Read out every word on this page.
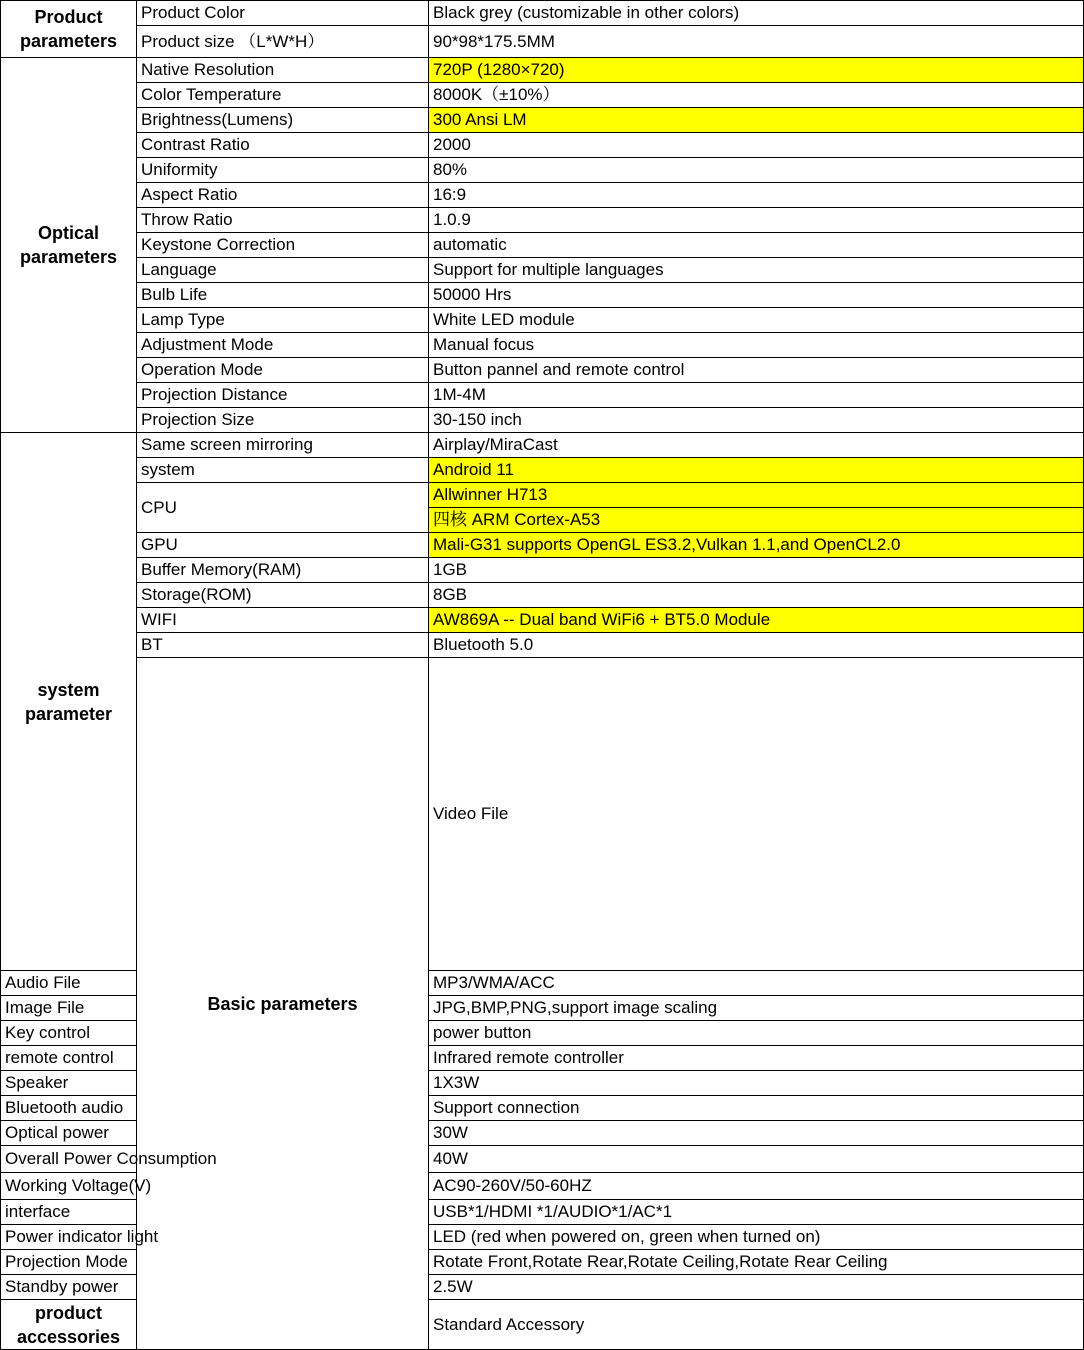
Product parameters	Product Color	Black grey (customizable in other colors)	
	Product size （L*W*H）	90*98*175.5MM	
Optical parameters	Native Resolution	720P (1280×720)	
	Color Temperature	8000K（±10%）	
	Brightness(Lumens)	300 Ansi LM	
	Contrast Ratio	2000	
	Uniformity	80%	
	Aspect Ratio	16:9	
	Throw Ratio	1.0.9	
	Keystone Correction	automatic	
	Language	Support for multiple languages	
	Bulb Life	50000 Hrs	
	Lamp Type	White LED module	
	Adjustment Mode	Manual focus	
	Operation Mode	Button pannel and remote control	
	Projection Distance	1M-4M	
	Projection Size	30-150 inch	
system parameter	Same screen mirroring	Airplay/MiraCast	
	system	Android 11	
	CPU	Allwinner H713	
		四核 ARM Cortex-A53	
	GPU	Mali-G31 supports OpenGL ES3.2,Vulkan 1.1,and OpenCL2.0	
	Buffer Memory(RAM)	1GB	
	Storage(ROM)	8GB	
	WIFI	AW869A -- Dual band WiFi6 + BT5.0 Module	
	BT	Bluetooth 5.0	
	Basic parameters	Video File	
Audio File		MP3/WMA/ACC	
Image File		JPG,BMP,PNG,support image scaling	
Key control		power button	
remote control		Infrared remote controller	
Speaker		1X3W	
Bluetooth audio		Support connection	
Optical power		30W	
Overall Power Consumption		40W	
Working Voltage(V)		AC90-260V/50-60HZ	
interface		USB*1/HDMI *1/AUDIO*1/AC*1	
Power indicator light		LED (red when powered on, green when turned on)	
Projection Mode		Rotate Front,Rotate Rear,Rotate Ceiling,Rotate Rear Ceiling	
Standby power		2.5W	
product accessories		Standard Accessory	
